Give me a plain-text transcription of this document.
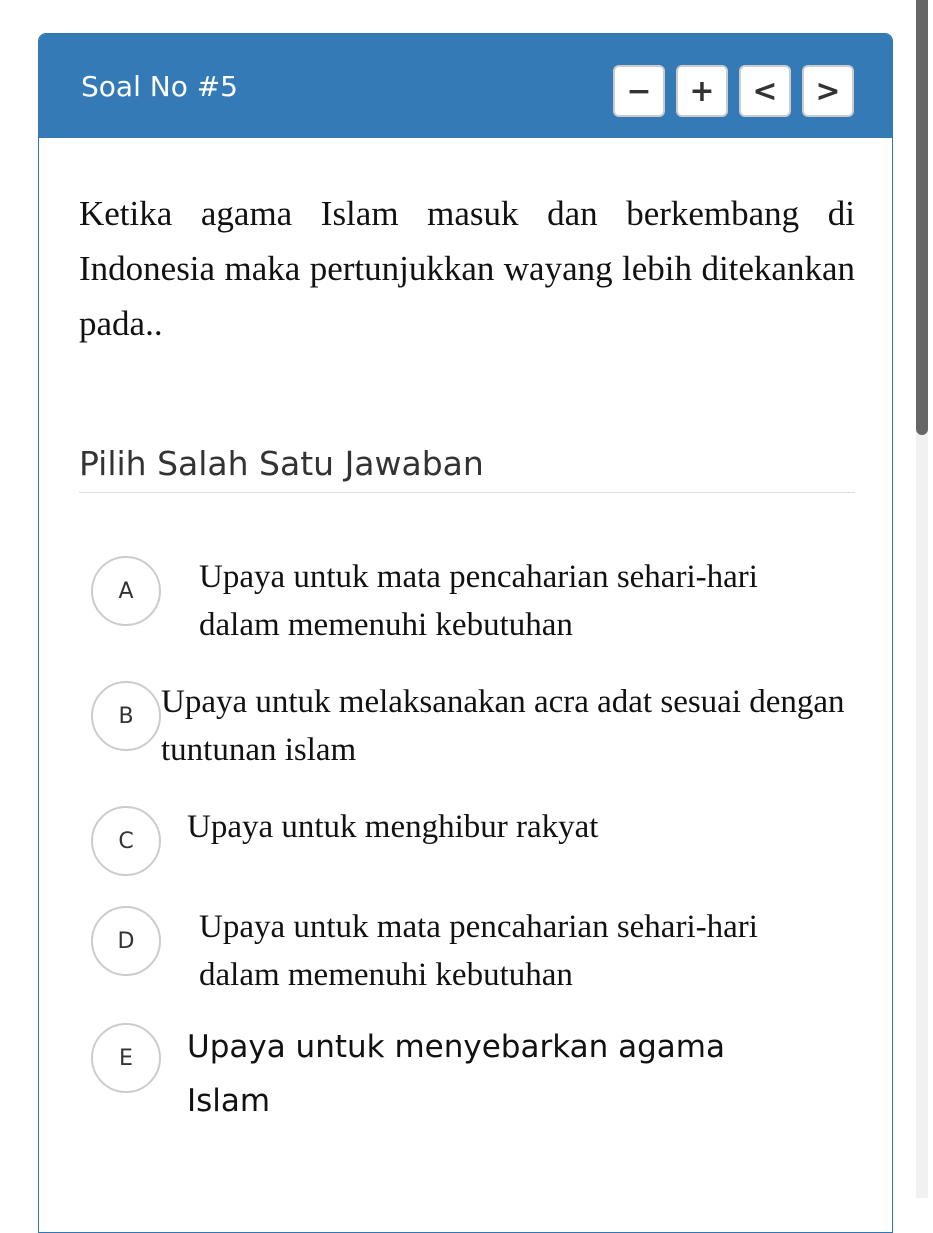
Soal No #5	−	+	<	>
Ketika agama Islam masuk dan berkembang di Indonesia maka pertunjukkan wayang lebih ditekankan pada..
Pilih Salah Satu Jawaban
A	Upaya untuk mata pencaharian sehari-hari dalam memenuhi kebutuhan
B Upaya untuk melaksanakan acra adat sesuai dengan tuntunan islam
C	Upaya untuk menghibur rakyat
D	Upaya untuk mata pencaharian sehari-hari dalam memenuhi kebutuhan
E	Upaya untuk menyebarkan agama Islam
